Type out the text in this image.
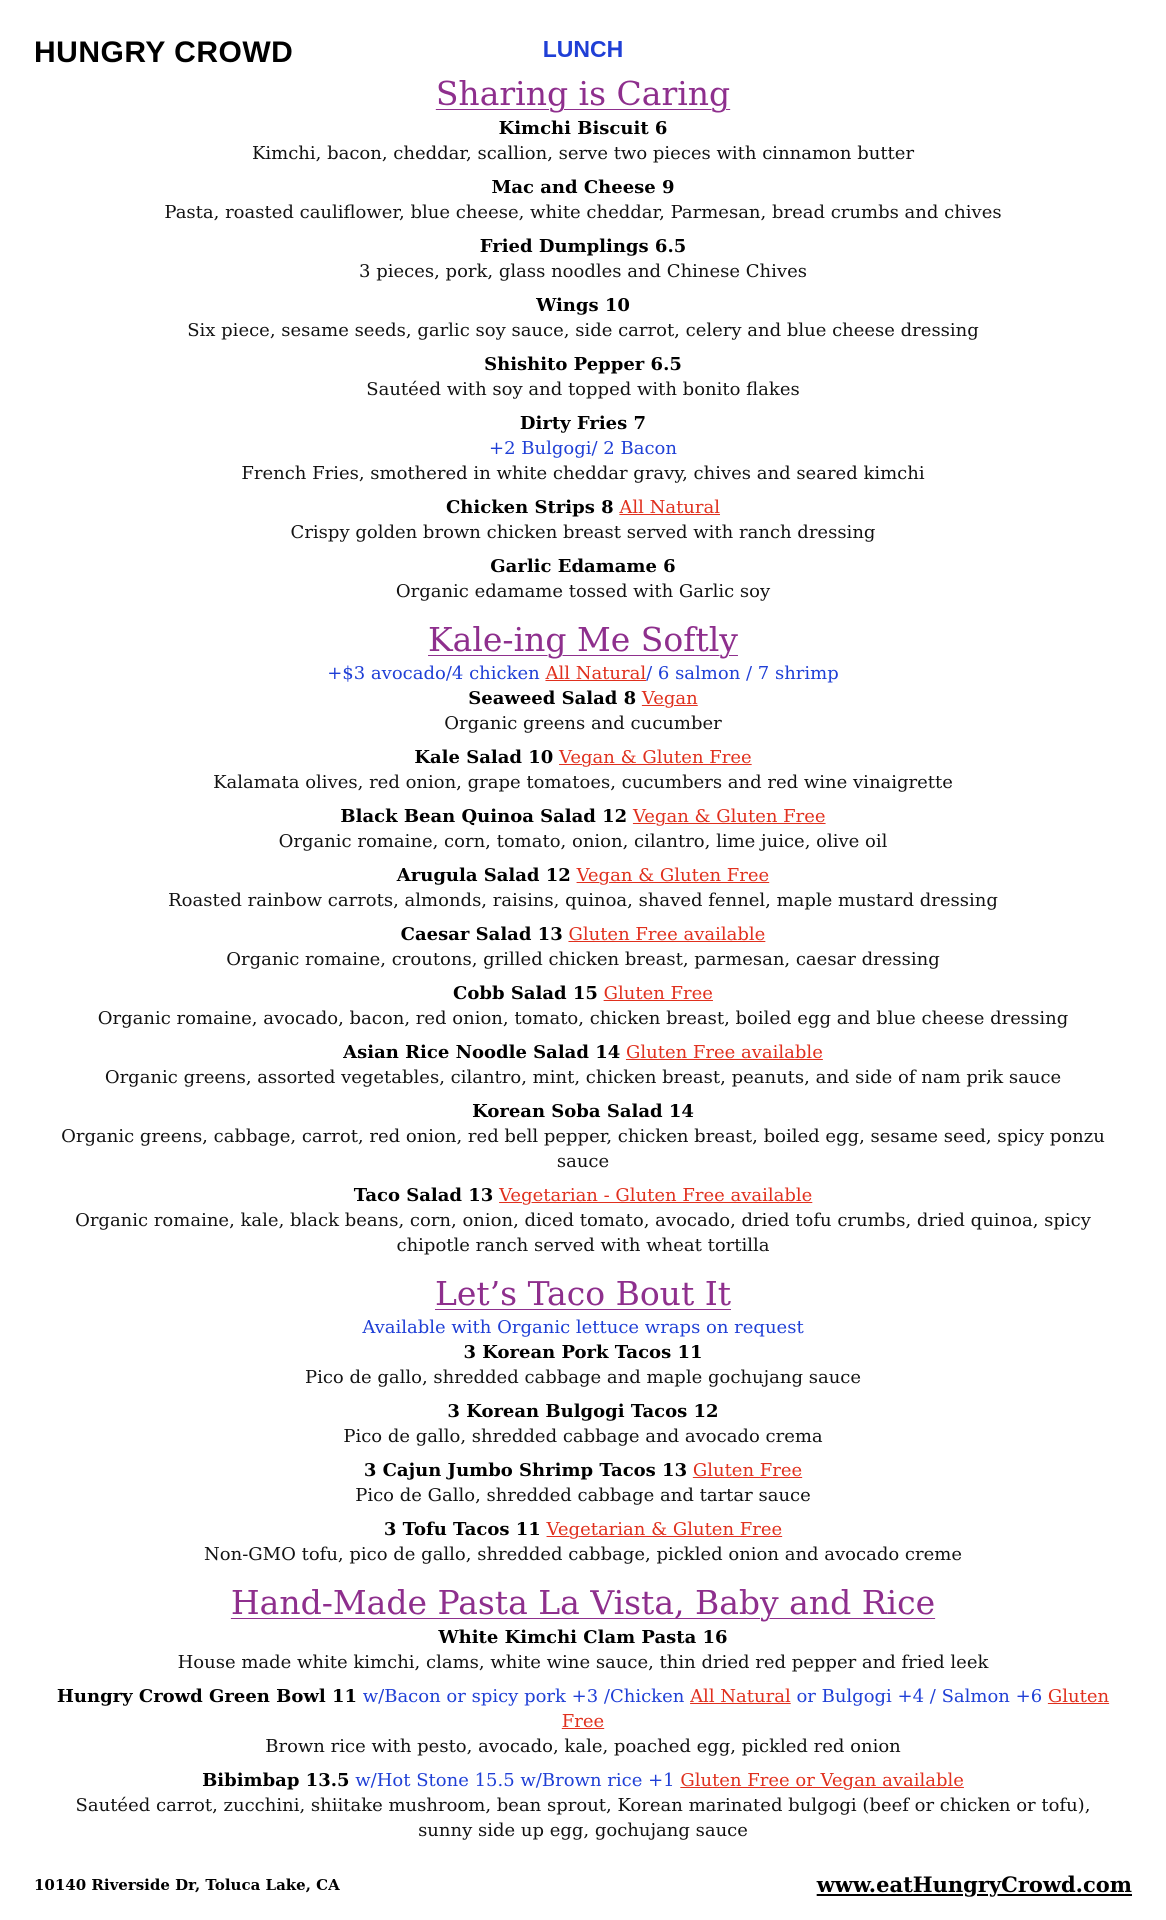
HUNGRY CROWD	LUNCH
Sharing is Caring
Kimchi Biscuit 6
Kimchi, bacon, cheddar, scallion, serve two pieces with cinnamon butter
Mac and Cheese 9
Pasta, roasted cauliflower, blue cheese, white cheddar, Parmesan, bread crumbs and chives
Fried Dumplings 6.5
3 pieces, pork, glass noodles and Chinese Chives
Wings 10
Six piece, sesame seeds, garlic soy sauce, side carrot, celery and blue cheese dressing
Shishito Pepper 6.5
Sautéed with soy and topped with bonito flakes
Dirty Fries 7
+2 Bulgogi/ 2 Bacon
French Fries, smothered in white cheddar gravy, chives and seared kimchi
Chicken Strips 8 All Natural
Crispy golden brown chicken breast served with ranch dressing
Garlic Edamame 6
Organic edamame tossed with Garlic soy
Kale-ing Me Softly
+$3 avocado/4 chicken All Natural/ 6 salmon / 7 shrimp
Seaweed Salad 8 Vegan
Organic greens and cucumber
Kale Salad 10 Vegan & Gluten Free
Kalamata olives, red onion, grape tomatoes, cucumbers and red wine vinaigrette
Black Bean Quinoa Salad 12 Vegan & Gluten Free
Organic romaine, corn, tomato, onion, cilantro, lime juice, olive oil
Arugula Salad 12 Vegan & Gluten Free
Roasted rainbow carrots, almonds, raisins, quinoa, shaved fennel, maple mustard dressing
Caesar Salad 13 Gluten Free available
Organic romaine, croutons, grilled chicken breast, parmesan, caesar dressing
Cobb Salad 15 Gluten Free
Organic romaine, avocado, bacon, red onion, tomato, chicken breast, boiled egg and blue cheese dressing
Asian Rice Noodle Salad 14 Gluten Free available
Organic greens, assorted vegetables, cilantro, mint, chicken breast, peanuts, and side of nam prik sauce
Korean Soba Salad 14
Organic greens, cabbage, carrot, red onion, red bell pepper, chicken breast, boiled egg, sesame seed, spicy ponzu sauce
Taco Salad 13 Vegetarian - Gluten Free available
Organic romaine, kale, black beans, corn, onion, diced tomato, avocado, dried tofu crumbs, dried quinoa, spicy chipotle ranch served with wheat tortilla
Let’s Taco Bout It
Available with Organic lettuce wraps on request
3 Korean Pork Tacos 11
Pico de gallo, shredded cabbage and maple gochujang sauce
3 Korean Bulgogi Tacos 12
Pico de gallo, shredded cabbage and avocado crema
3 Cajun Jumbo Shrimp Tacos 13 Gluten Free
Pico de Gallo, shredded cabbage and tartar sauce
3 Tofu Tacos 11 Vegetarian & Gluten Free
Non-GMO tofu, pico de gallo, shredded cabbage, pickled onion and avocado creme
Hand-Made Pasta La Vista, Baby and Rice
White Kimchi Clam Pasta 16
House made white kimchi, clams, white wine sauce, thin dried red pepper and fried leek
Hungry Crowd Green Bowl 11 w/Bacon or spicy pork +3 /Chicken All Natural or Bulgogi +4 / Salmon +6 Gluten Free
Brown rice with pesto, avocado, kale, poached egg, pickled red onion
Bibimbap 13.5 w/Hot Stone 15.5 w/Brown rice +1 Gluten Free or Vegan available
Sautéed carrot, zucchini, shiitake mushroom, bean sprout, Korean marinated bulgogi (beef or chicken or tofu), sunny side up egg, gochujang sauce
10140 Riverside Dr, Toluca Lake, CA	www.eatHungryCrowd.com
